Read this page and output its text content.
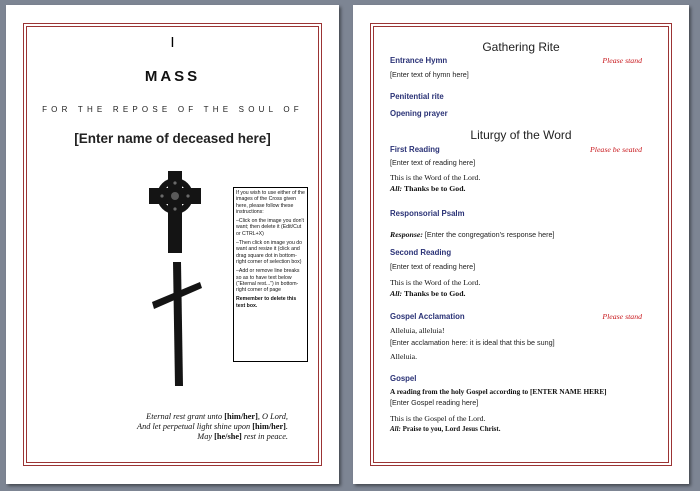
I
MASS
FOR THE REPOSE OF THE SOUL OF
[Enter name of deceased here]

If you wish to use either of the images of the Cross given here, please follow these instructions:

–Click on the image you don't want; then delete it (Edit/Cut or CTRL+X)

–Then click on image you do want and resize it (click and drag square dot in bottom-right corner of selection box)

–Add or remove line breaks so as to have text below (“Eternal rest...”) in bottom-right corner of page

Remember to delete this text box.

Eternal rest grant unto [him/her], O Lord,
And let perpetual light shine upon [him/her].
May [he/she] rest in peace.
Gathering Rite
Entrance Hymn	Please stand
[Enter text of hymn here]
Penitential rite
Opening prayer
Liturgy of the Word
First Reading	Please be seated
[Enter text of reading here]
This is the Word of the Lord.
All: Thanks be to God.
Responsorial Psalm
Response: [Enter the congregation's response here]
Second Reading
[Enter text of reading here]
This is the Word of the Lord.
All: Thanks be to God.
Gospel Acclamation	Please stand
Alleluia, alleluia!
[Enter acclamation here: it is ideal that this be sung]
Alleluia.
Gospel
A reading from the holy Gospel according to [ENTER NAME HERE]
[Enter Gospel reading here]
This is the Gospel of the Lord.
All: Praise to you, Lord Jesus Christ.
